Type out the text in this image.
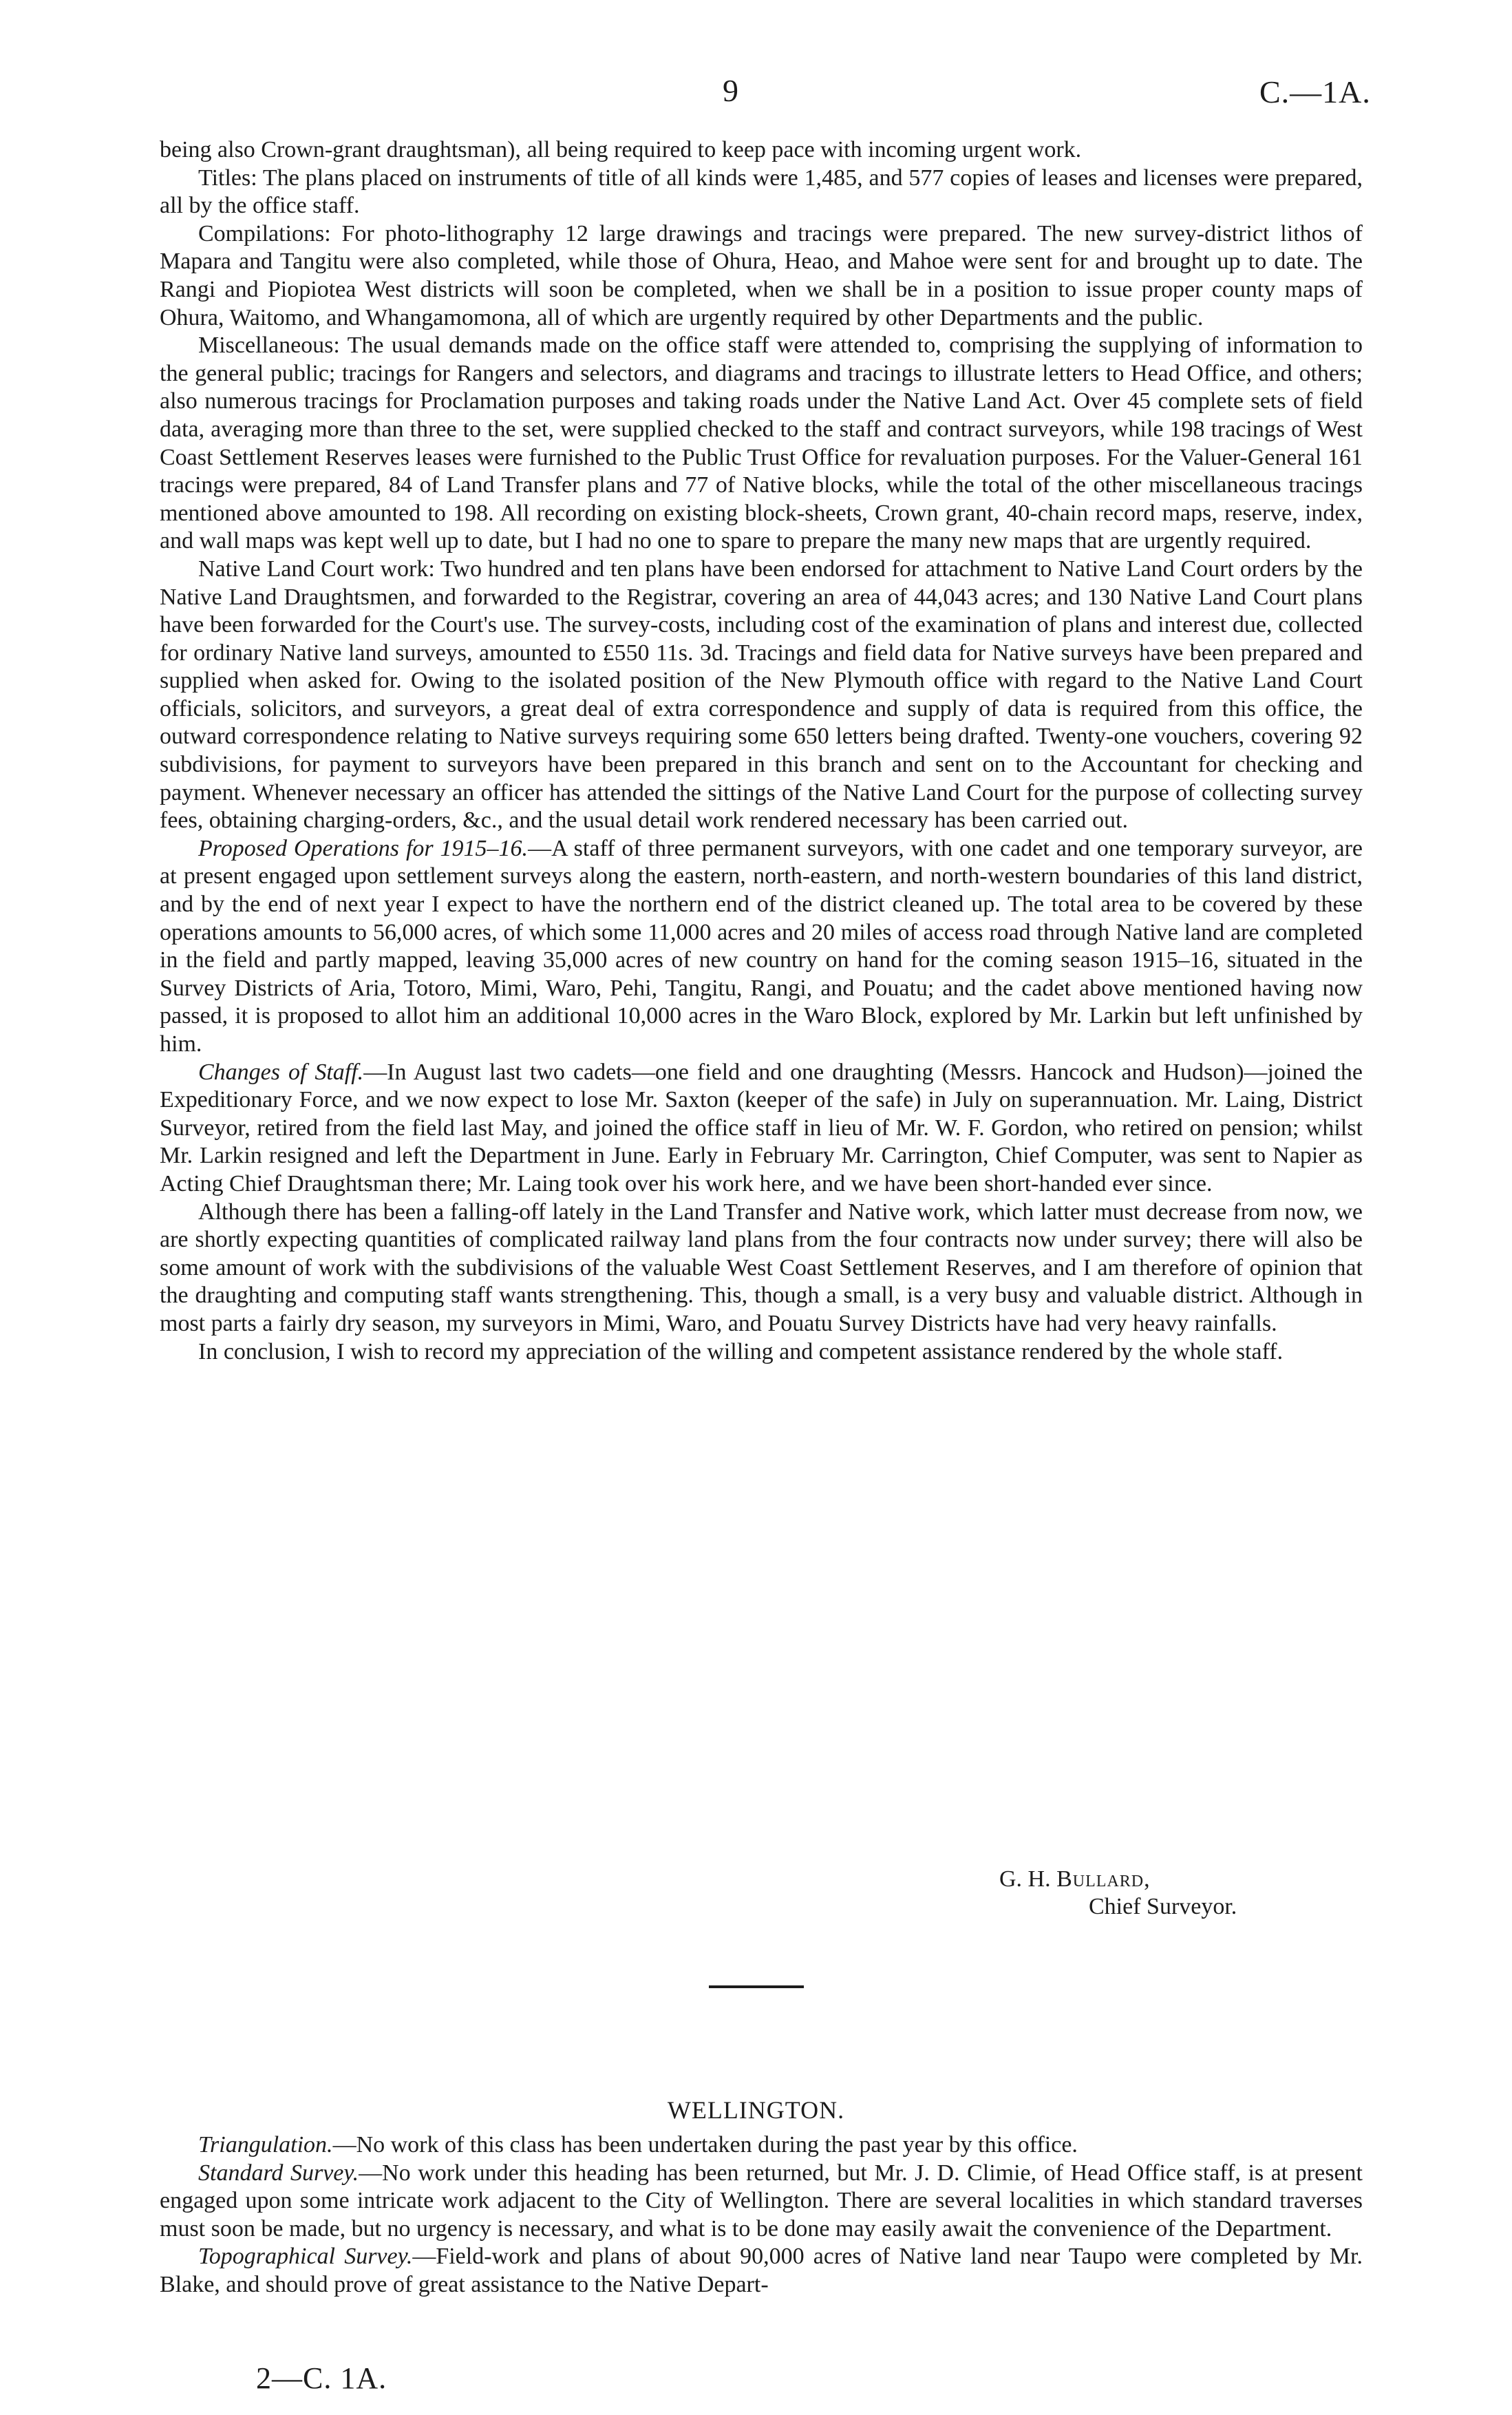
9	C.—1A.

being also Crown-grant draughtsman), all being required to keep pace with incoming urgent work.

Titles: The plans placed on instruments of title of all kinds were 1,485, and 577 copies of leases and licenses were prepared, all by the office staff.

Compilations: For photo-lithography 12 large drawings and tracings were prepared. The new survey-district lithos of Mapara and Tangitu were also completed, while those of Ohura, Heao, and Mahoe were sent for and brought up to date. The Rangi and Piopiotea West districts will soon be completed, when we shall be in a position to issue proper county maps of Ohura, Waitomo, and Whangamomona, all of which are urgently required by other Departments and the public.

Miscellaneous: The usual demands made on the office staff were attended to, comprising the supplying of information to the general public; tracings for Rangers and selectors, and diagrams and tracings to illustrate letters to Head Office, and others; also numerous tracings for Proclamation purposes and taking roads under the Native Land Act. Over 45 complete sets of field data, averaging more than three to the set, were supplied checked to the staff and contract surveyors, while 198 tracings of West Coast Settlement Reserves leases were furnished to the Public Trust Office for revaluation purposes. For the Valuer-General 161 tracings were prepared, 84 of Land Transfer plans and 77 of Native blocks, while the total of the other miscellaneous tracings mentioned above amounted to 198. All recording on existing block-sheets, Crown grant, 40-chain record maps, reserve, index, and wall maps was kept well up to date, but I had no one to spare to prepare the many new maps that are urgently required.

Native Land Court work: Two hundred and ten plans have been endorsed for attachment to Native Land Court orders by the Native Land Draughtsmen, and forwarded to the Registrar, covering an area of 44,043 acres; and 130 Native Land Court plans have been forwarded for the Court's use. The survey-costs, including cost of the examination of plans and interest due, collected for ordinary Native land surveys, amounted to £550 11s. 3d. Tracings and field data for Native surveys have been prepared and supplied when asked for. Owing to the isolated position of the New Plymouth office with regard to the Native Land Court officials, solicitors, and surveyors, a great deal of extra correspondence and supply of data is required from this office, the outward correspondence relating to Native surveys requiring some 650 letters being drafted. Twenty-one vouchers, covering 92 subdivisions, for payment to surveyors have been prepared in this branch and sent on to the Accountant for checking and payment. Whenever necessary an officer has attended the sittings of the Native Land Court for the purpose of collecting survey fees, obtaining charging-orders, &c., and the usual detail work rendered necessary has been carried out.

Proposed Operations for 1915–16.—A staff of three permanent surveyors, with one cadet and one temporary surveyor, are at present engaged upon settlement surveys along the eastern, north-eastern, and north-western boundaries of this land district, and by the end of next year I expect to have the northern end of the district cleaned up. The total area to be covered by these operations amounts to 56,000 acres, of which some 11,000 acres and 20 miles of access road through Native land are completed in the field and partly mapped, leaving 35,000 acres of new country on hand for the coming season 1915–16, situated in the Survey Districts of Aria, Totoro, Mimi, Waro, Pehi, Tangitu, Rangi, and Pouatu; and the cadet above mentioned having now passed, it is proposed to allot him an additional 10,000 acres in the Waro Block, explored by Mr. Larkin but left unfinished by him.

Changes of Staff.—In August last two cadets—one field and one draughting (Messrs. Hancock and Hudson)—joined the Expeditionary Force, and we now expect to lose Mr. Saxton (keeper of the safe) in July on superannuation. Mr. Laing, District Surveyor, retired from the field last May, and joined the office staff in lieu of Mr. W. F. Gordon, who retired on pension; whilst Mr. Larkin resigned and left the Department in June. Early in February Mr. Carrington, Chief Computer, was sent to Napier as Acting Chief Draughtsman there; Mr. Laing took over his work here, and we have been short-handed ever since.

Although there has been a falling-off lately in the Land Transfer and Native work, which latter must decrease from now, we are shortly expecting quantities of complicated railway land plans from the four contracts now under survey; there will also be some amount of work with the subdivisions of the valuable West Coast Settlement Reserves, and I am therefore of opinion that the draughting and computing staff wants strengthening. This, though a small, is a very busy and valuable district. Although in most parts a fairly dry season, my surveyors in Mimi, Waro, and Pouatu Survey Districts have had very heavy rainfalls.

In conclusion, I wish to record my appreciation of the willing and competent assistance rendered by the whole staff.

G. H. Bullard,
Chief Surveyor.
WELLINGTON.

Triangulation.—No work of this class has been undertaken during the past year by this office.

Standard Survey.—No work under this heading has been returned, but Mr. J. D. Climie, of Head Office staff, is at present engaged upon some intricate work adjacent to the City of Wellington. There are several localities in which standard traverses must soon be made, but no urgency is necessary, and what is to be done may easily await the convenience of the Department.

Topographical Survey.—Field-work and plans of about 90,000 acres of Native land near Taupo were completed by Mr. Blake, and should prove of great assistance to the Native Depart-

2—C. 1A.
